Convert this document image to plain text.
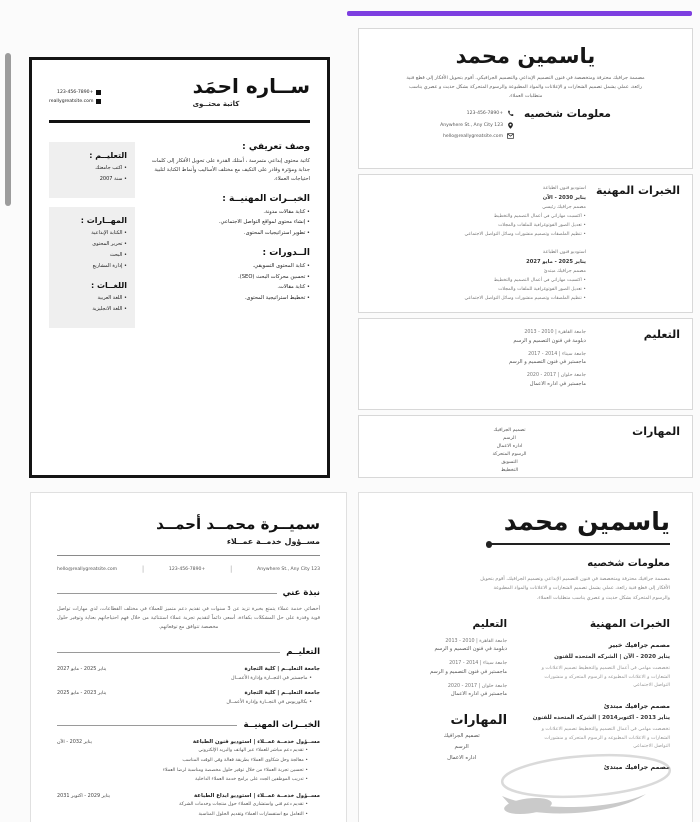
ســاره احمَد
كاتبة محتــوى
+123-456-7890
reallygreatsite.com
وصف تعريفي :

كاتبة محتوى إبداعي متمرسة ، أمتلك القدرة على تحويل الأفكار إلى كلمات جذابة ومؤثرة وقادر على التكيف مع مختلف الأساليب وأنماط الكتابة لتلبية احتياجات العملاء.

الخبــرات المهنيــة :
• كتابة مقالات مدونة.
• إنشاء محتوى لمواقع التواصل الاجتماعي.
• تطوير استراتيجيات المحتوى.
الــدورات :
• كتابة المحتوى التسويقي.
• تحسين محركات البحث (SEO).
• كتابة مقالات.
• تخطيط استراتيجية المحتوى.
التعليــم :
• اكتب جامعتك
• سنة 2007
المهــارات :
• الكتابة الإبداعية
• تحرير المحتوى
• البحث
• إدارة المشاريع
اللغــات :
• اللغة العربية
• اللغة الانجليزية
ياسمين محمد
مصممة جرافيك محترفة ومتخصصة في فنون التصميم الإبداعي والتصميم الجرافيكي. أقوم بتحويل الأفكار إلى قطع فنية رائعة، عملي يشمل تصميم الشعارات و الإعلانات والمواد المطبوعة والرسوم المتحركة بشكل حديث و عصري يناسب متطلبات العملاء.
معلومات شخصيه
+123-456-7890
123 Anywhere St., Any City
hello@reallygreatsite.com
الخبرات المهنية
استوديو فنون الطباعة
يناير 2030 - الآن
مصمم جرافيك رئيسي
• اكتسبت مهاراتي في أعمال التصميم والتخطيط
• تعديل الصور الفوتوغرافية للملفات والمجلات
• تنظيم الملصقات وتصميم منشورات وسائل التواصل الاجتماعي
استوديو فنون الطباعة
يناير 2025 - مايو 2027
مصمم جرافيك مبتدئ
• اكتسبت مهاراتي في أعمال التصميم والتخطيط
• تعديل الصور الفوتوغرافية للملفات والمجلات
• تنظيم الملصقات وتصميم منشورات وسائل التواصل الاجتماعي
التعليم
جامعة القاهرة | 2010 - 2013
دبلومة في فنون التصميم و الرسم
جامعة سيناء | 2014 - 2017
ماجستير في فنون التصميم و الرسم
جامعة حلوان | 2017 - 2020
ماجستير في اداره الاعمال
المهارات
تصميم الجرافيك
الرسم
اداره الاعمال
الرسوم المتحركة
التسويق
التخطيط
سميــرة محمــد أحمــد
مســؤول خدمــة عمــلاء
123 Anywhere St., Any City
|
+123-456-7890
|
hello@reallygreatsite.com
نبذة عني

أخصائي خدمة عملاء يتمتع بخبرة تزيد عن 3 سنوات في تقديم دعم متميز للعملاء في مختلف القطاعات، لدي مهارات تواصل قوية وقدرة على حل المشكلات بكفاءة، أسعى دائماً لتقديم تجربة عملاء استثنائية من خلال فهم احتياجاتهم بعناية وتوفير حلول مخصصة تتوافق مع توقعاتهم.

التعليــم
جامعة التعليــم | كلية التجارة
• ماجستير في التجــارة وإدارة الأعمــال
يناير 2025 - مايو 2027
جامعة التعليــم | كلية التجارة
• بكالوريوس في التجــارة وإدارة الأعمــال
يناير 2023 - مايو 2025
الخبــرات المهنيــة
مســؤول خدمــة عمــلاء | استوديو فنون الطباعة
• تقديم دعم مباشر للعملاء عبر الهاتف والبريد الإلكتروني
• معالجة وحل شكاوى العملاء بطريقة فعالة وفي الوقت المناسب
• تحسين تجربة العملاء من خلال توفير حلول مخصصة ومناسبة لرضا العملاء
• تدريب الموظفين الجدد على برامج خدمة العملاء الداخلية
يناير 2032 - الآن
مســؤول خدمــة عمــلاء | استوديو ابداع الطباعة
• تقديم دعم فني واستشاري للعملاء حول منتجات وخدمات الشركة
• التعامل مع استفسارات العملاء وتقديم الحلول المناسبة
يناير 2029 - اكتوبر 2031
ياسمين محمد
معلومات شخصيه
مصممة جرافيك محترفة ومتخصصة في فنون التصميم الإبداعي وتصميم الجرافيك، أقوم بتحويل الأفكار إلى قطع فنية رائعة، عملي يشمل تصميم الشعارات و الاعلانات والمواد المطبوعة والرسوم المتحركة بشكل حديث و عصري يناسب متطلبات العملاء.
الخبرات المهنية
مصمم جرافيك خبير
يناير 2020 - الآن | الشركه المتحده للفنون
تخصصت مهامي في أعمال التصميم والتخطيط تصميم الاعلانات و الشعارات و الاعلانات المطبوعه و الرسوم المتحركه و منشورات التواصل الاجتماعي
مصمم جرافيك مبتدئ
يناير 2013 - اكتوبر2014 | الشركه المتحده للفنون
تخصصت مهامي في أعمال التصميم والتخطيط تصميم الاعلانات و الشعارات و الاعلانات المطبوعه و الرسوم المتحركه و منشورات التواصل الاجتماعي
مصمم جرافيك مبتدئ
التعليم
جامعة القاهرة | 2010 - 2013
دبلومة في فنون التصميم و الرسم
جامعة سيناء | 2014 - 2017
ماجستير في فنون التصميم و الرسم
جامعة حلوان | 2017 - 2020
ماجستير في اداره الاعمال
المهارات
تصميم الجرافيك
الرسم
اداره الاعمال
